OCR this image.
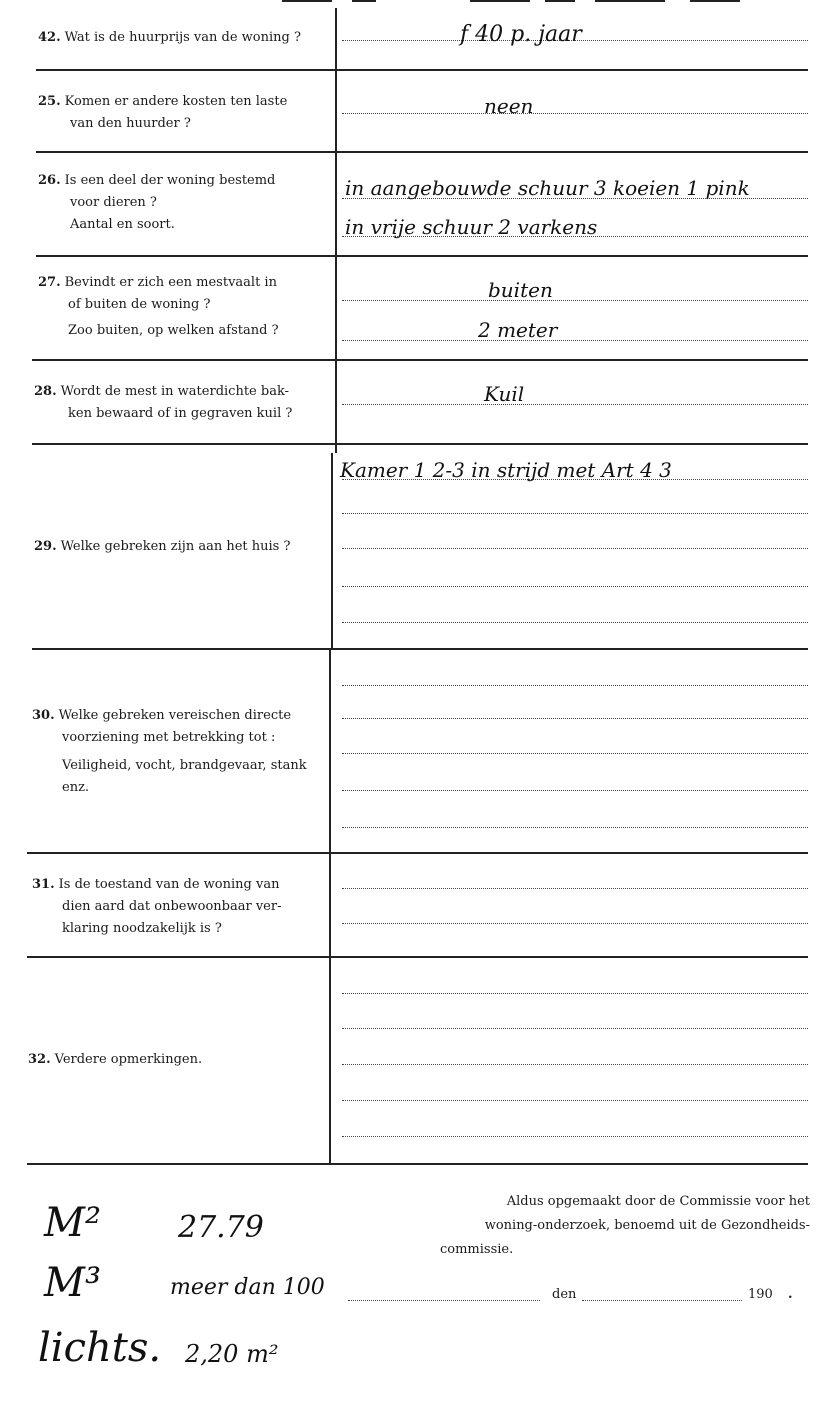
42. Wat is de huurprijs van de woning ?	f 40 p. jaar
25. Komen er andere kosten ten laste
van den huurder ?
neen
26. Is een deel der woning bestemd
voor dieren ?
Aantal en soort.
in aangebouwde schuur 3 koeien 1 pink
in vrije schuur 2 varkens
27. Bevindt er zich een mestvaalt in
of buiten de woning ?
Zoo buiten, op welken afstand ?
buiten
2 meter
28. Wordt de mest in waterdichte bak-
ken bewaard of in gegraven kuil ?
Kuil
29. Welke gebreken zijn aan het huis ?
Kamer 1 2-3 in strijd met Art 4 3
30. Welke gebreken vereischen directe
voorziening met betrekking tot :
Veiligheid, vocht, brandgevaar, stank
enz.
31. Is de toestand van de woning van
dien aard dat onbewoonbaar ver-
klaring noodzakelijk is ?
32. Verdere opmerkingen.
M²	27.79
M³	meer dan 100
lichts. 2,20 m²
Aldus opgemaakt door de Commissie voor het
woning-onderzoek, benoemd uit de Gezondheids-
commissie.
den	190 .
